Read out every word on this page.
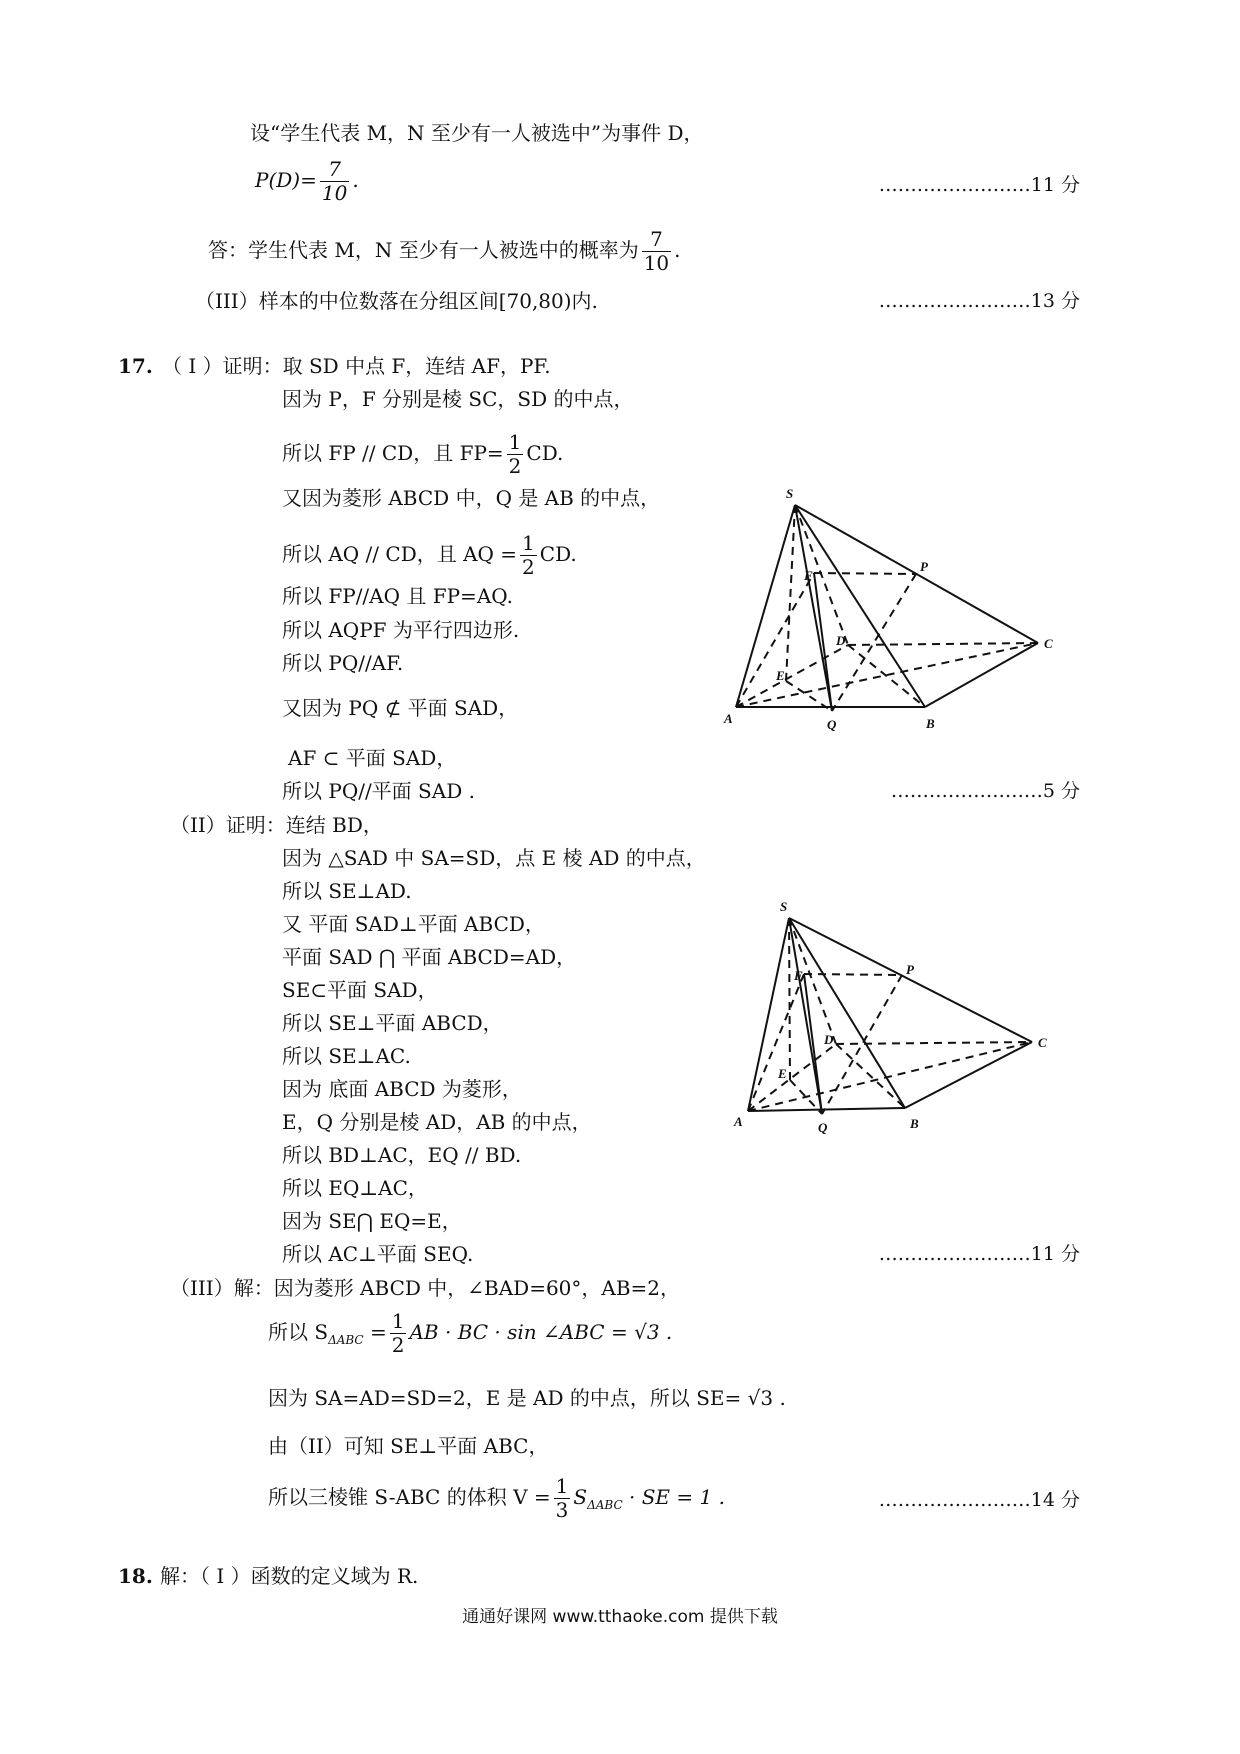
设“学生代表 M，N 至少有一人被选中”为事件 D，
$P(D)= \frac{7}{10}$ .	……………………11 分
答：学生代表 M，N 至少有一人被选中的概率为 $\frac{7}{10}$ .
（III）样本的中位数落在分组区间[70,80)内.	……………………13 分
17. （ I ）证明：取 SD 中点 F，连结 AF，PF.
因为 P，F 分别是棱 SC，SD 的中点，
所以 FP // CD，且 $FP= \frac{1}{2}$ CD.
又因为菱形 ABCD 中，Q 是 AB 的中点，
所以 AQ // CD，且 AQ = $\frac{1}{2}$ CD.
所以 FP//AQ 且 FP=AQ.
所以 AQPF 为平行四边形.
所以 PQ//AF.
又因为 PQ ⊄ 平面 SAD，
AF ⊂ 平面 SAD，
所以 PQ//平面 SAD .	……………………5 分
（II）证明：连结 BD，
因为 △SAD 中 SA=SD，点 E 棱 AD 的中点，
所以 SE⊥AD.
又 平面 SAD⊥平面 ABCD，
平面 SAD ⋂ 平面 ABCD=AD，
SE⊂平面 SAD，
所以 SE⊥平面 ABCD，
所以 SE⊥AC.
因为 底面 ABCD 为菱形，
E，Q 分别是棱 AD，AB 的中点，
所以 BD⊥AC，EQ // BD.
所以 EQ⊥AC，
因为 SE⋂ EQ=E，
所以 AC⊥平面 SEQ.	……………………11 分
（III）解：因为菱形 ABCD 中，∠BAD=60°，AB=2，
所以 $S_{\Delta ABC} = \frac{1}{2}$ AB · BC · sin ∠ABC = √3 .
因为 SA=AD=SD=2，E 是 AD 的中点，所以 SE= √3 .
由（II）可知 SE⊥平面 ABC，
所以三棱锥 S-ABC 的体积 $V = \frac{1}{3} S_{\Delta ABC}$ · SE = 1 .	……………………14 分
18. 解：（ I ）函数的定义域为 R.
通通好课网 www.tthaoke.com 提供下载
S
P
F
D	C
E
A	Q	B
S
P
F
D	C
E
A	Q	B
